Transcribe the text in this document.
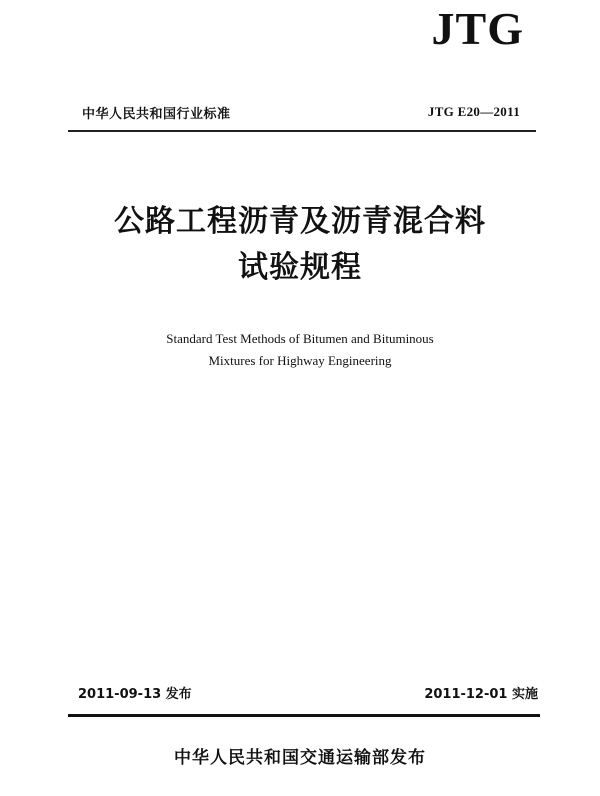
JTG
中华人民共和国行业标准	JTG E20—2011
公路工程沥青及沥青混合料
试验规程
Standard Test Methods of Bitumen and Bituminous
Mixtures for Highway Engineering
2011-09-13 发布	2011-12-01 实施
中华人民共和国交通运输部发布
